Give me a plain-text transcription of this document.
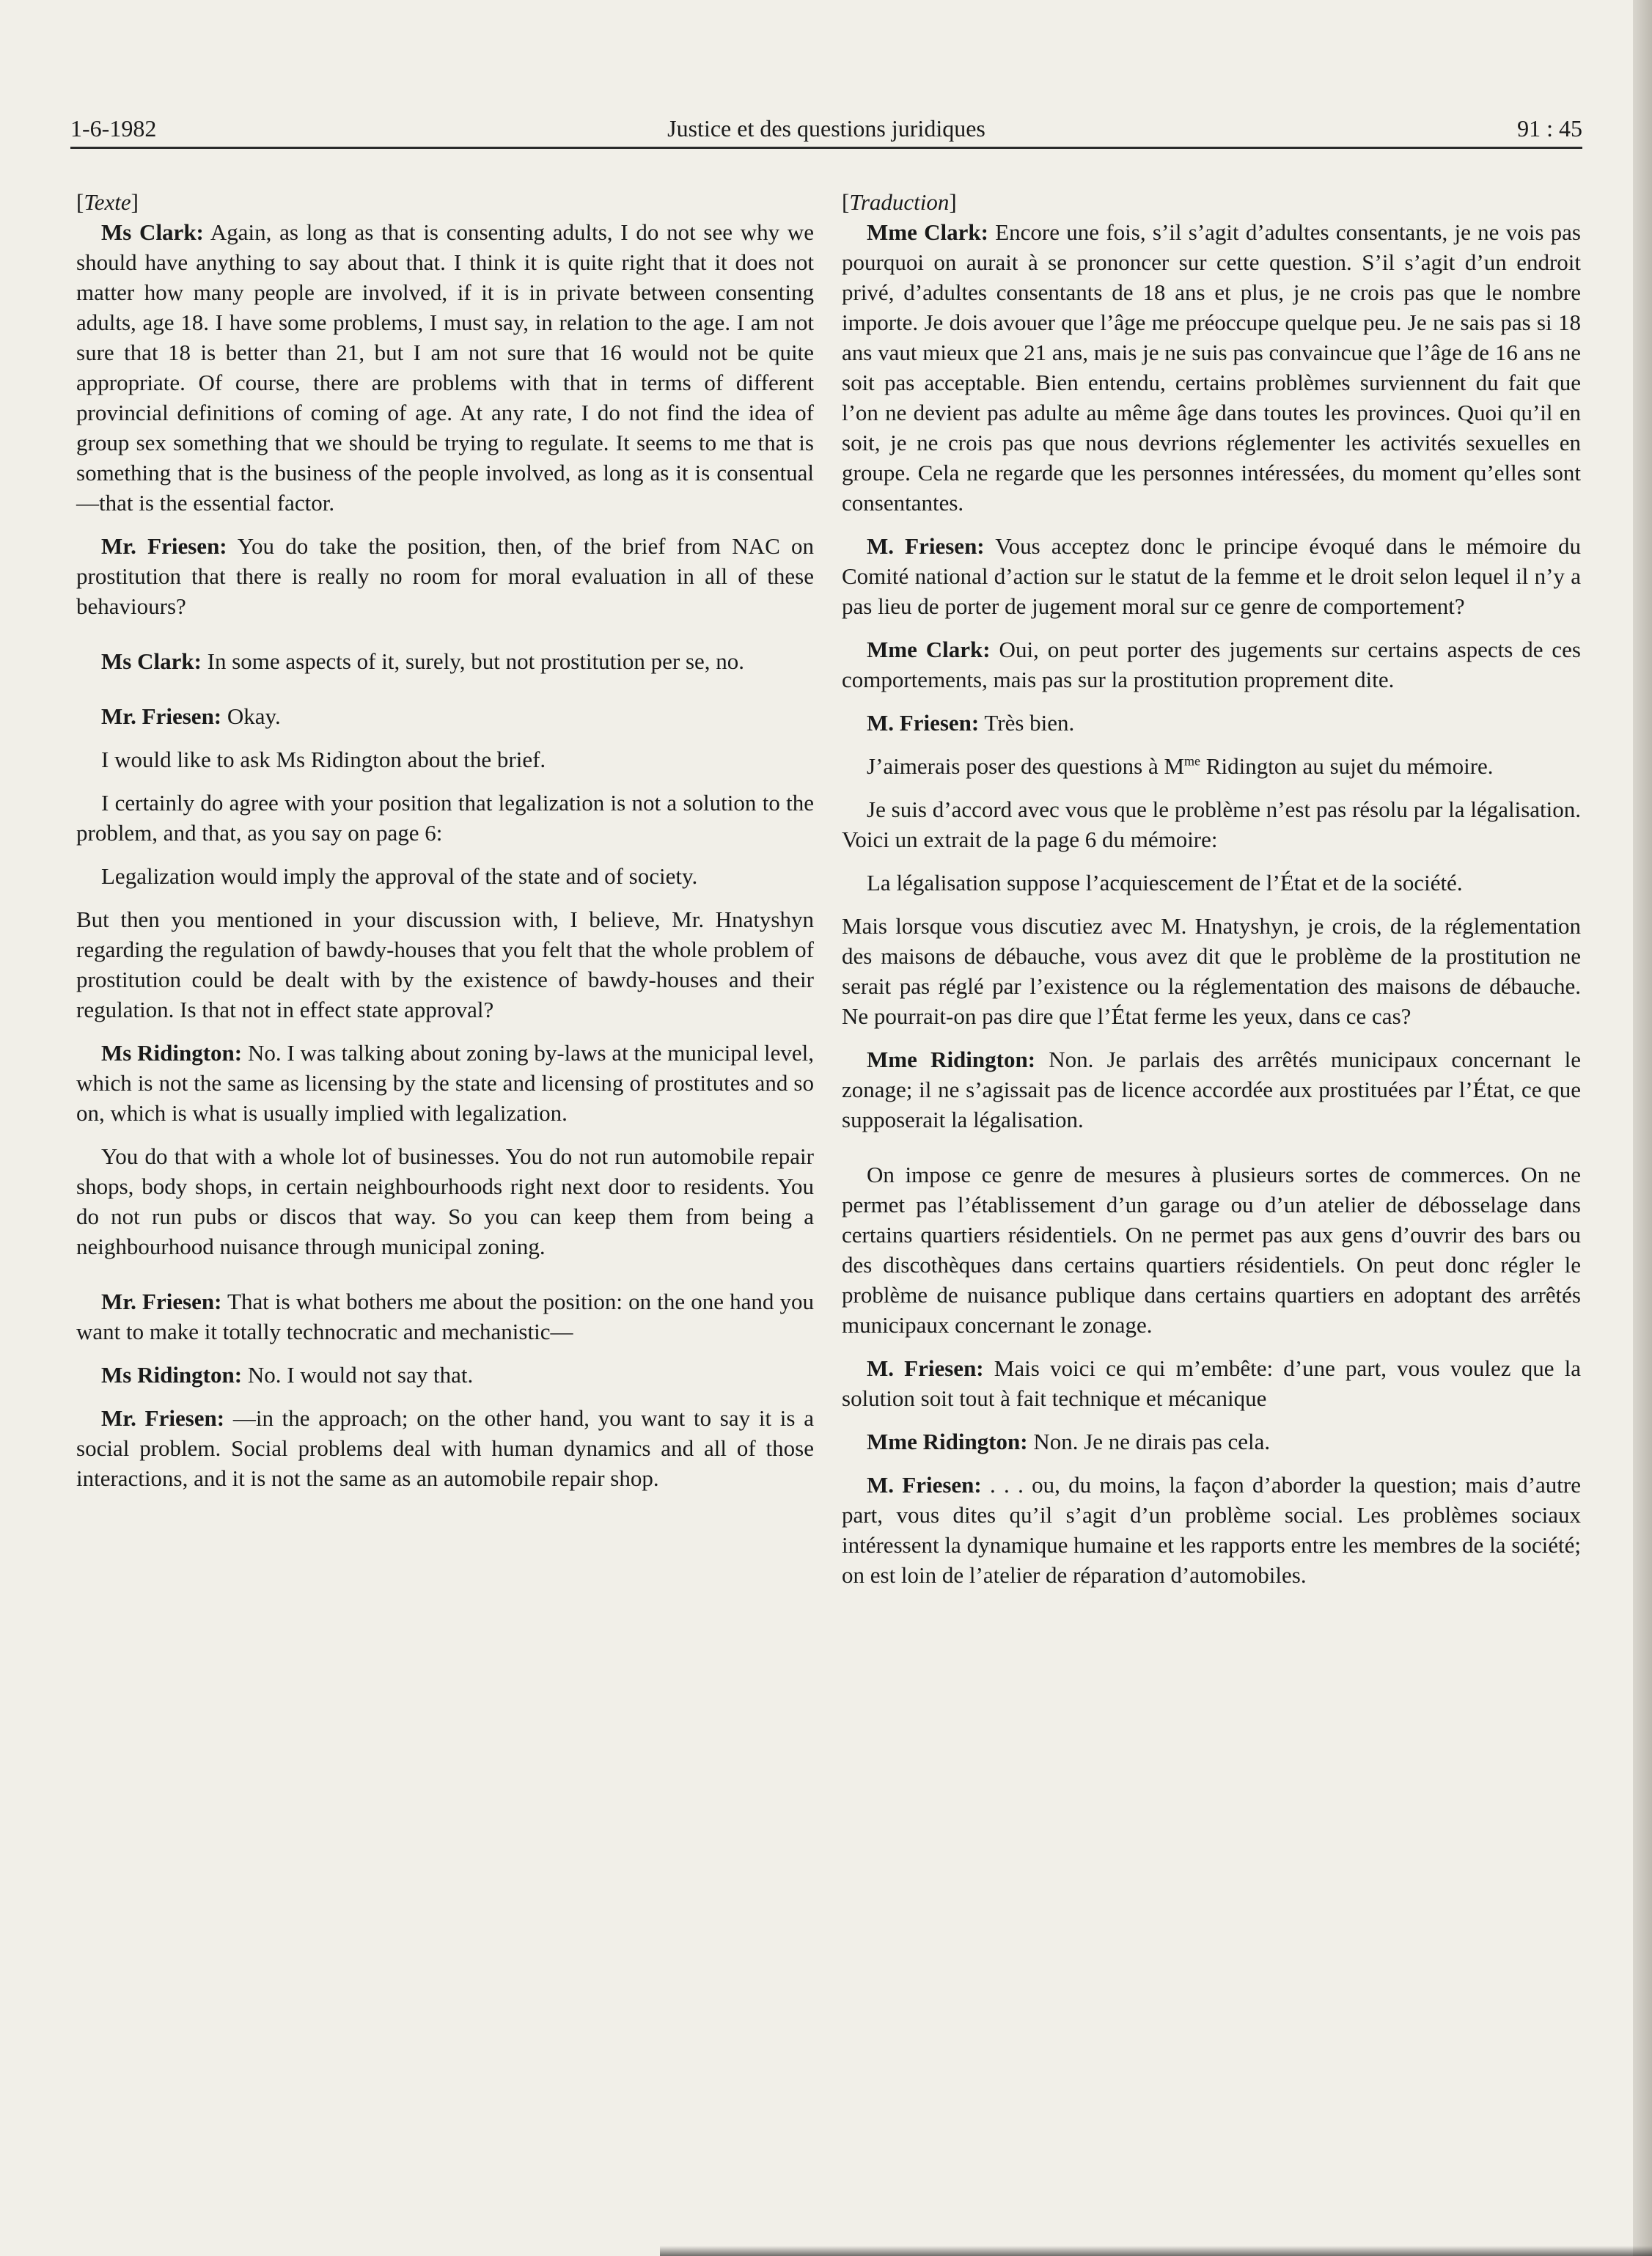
1-6-1982	Justice et des questions juridiques	91 : 45

[Texte]

Ms Clark: Again, as long as that is consenting adults, I do not see why we should have anything to say about that. I think it is quite right that it does not matter how many people are involved, if it is in private between consenting adults, age 18. I have some problems, I must say, in relation to the age. I am not sure that 18 is better than 21, but I am not sure that 16 would not be quite appropriate. Of course, there are problems with that in terms of different provincial definitions of coming of age. At any rate, I do not find the idea of group sex something that we should be trying to regulate. It seems to me that is something that is the business of the people involved, as long as it is consentual—that is the essential factor.

Mr. Friesen: You do take the position, then, of the brief from NAC on prostitution that there is really no room for moral evaluation in all of these behaviours?

Ms Clark: In some aspects of it, surely, but not prostitution per se, no.

Mr. Friesen: Okay.

I would like to ask Ms Ridington about the brief.

I certainly do agree with your position that legalization is not a solution to the problem, and that, as you say on page 6:

Legalization would imply the approval of the state and of society.

But then you mentioned in your discussion with, I believe, Mr. Hnatyshyn regarding the regulation of bawdy-houses that you felt that the whole problem of prostitution could be dealt with by the existence of bawdy-houses and their regulation. Is that not in effect state approval?

Ms Ridington: No. I was talking about zoning by-laws at the municipal level, which is not the same as licensing by the state and licensing of prostitutes and so on, which is what is usually implied with legalization.

You do that with a whole lot of businesses. You do not run automobile repair shops, body shops, in certain neighbourhoods right next door to residents. You do not run pubs or discos that way. So you can keep them from being a neighbourhood nuisance through municipal zoning.

Mr. Friesen: That is what bothers me about the position: on the one hand you want to make it totally technocratic and mechanistic—

Ms Ridington: No. I would not say that.

Mr. Friesen: —in the approach; on the other hand, you want to say it is a social problem. Social problems deal with human dynamics and all of those interactions, and it is not the same as an automobile repair shop.

[Traduction]

Mme Clark: Encore une fois, s’il s’agit d’adultes consentants, je ne vois pas pourquoi on aurait à se prononcer sur cette question. S’il s’agit d’un endroit privé, d’adultes consentants de 18 ans et plus, je ne crois pas que le nombre importe. Je dois avouer que l’âge me préoccupe quelque peu. Je ne sais pas si 18 ans vaut mieux que 21 ans, mais je ne suis pas convaincue que l’âge de 16 ans ne soit pas acceptable. Bien entendu, certains problèmes surviennent du fait que l’on ne devient pas adulte au même âge dans toutes les provinces. Quoi qu’il en soit, je ne crois pas que nous devrions réglementer les activités sexuelles en groupe. Cela ne regarde que les personnes intéressées, du moment qu’elles sont consentantes.

M. Friesen: Vous acceptez donc le principe évoqué dans le mémoire du Comité national d’action sur le statut de la femme et le droit selon lequel il n’y a pas lieu de porter de jugement moral sur ce genre de comportement?

Mme Clark: Oui, on peut porter des jugements sur certains aspects de ces comportements, mais pas sur la prostitution proprement dite.

M. Friesen: Très bien.

J’aimerais poser des questions à $M^{me}$ Ridington au sujet du mémoire.

Je suis d’accord avec vous que le problème n’est pas résolu par la légalisation. Voici un extrait de la page 6 du mémoire:

La légalisation suppose l’acquiescement de l’État et de la société.

Mais lorsque vous discutiez avec M. Hnatyshyn, je crois, de la réglementation des maisons de débauche, vous avez dit que le problème de la prostitution ne serait pas réglé par l’existence ou la réglementation des maisons de débauche. Ne pourrait-on pas dire que l’État ferme les yeux, dans ce cas?

Mme Ridington: Non. Je parlais des arrêtés municipaux concernant le zonage; il ne s’agissait pas de licence accordée aux prostituées par l’État, ce que supposerait la légalisation.

On impose ce genre de mesures à plusieurs sortes de commerces. On ne permet pas l’établissement d’un garage ou d’un atelier de débosselage dans certains quartiers résidentiels. On ne permet pas aux gens d’ouvrir des bars ou des discothèques dans certains quartiers résidentiels. On peut donc régler le problème de nuisance publique dans certains quartiers en adoptant des arrêtés municipaux concernant le zonage.

M. Friesen: Mais voici ce qui m’embête: d’une part, vous voulez que la solution soit tout à fait technique et mécanique

Mme Ridington: Non. Je ne dirais pas cela.

M. Friesen: . . . ou, du moins, la façon d’aborder la question; mais d’autre part, vous dites qu’il s’agit d’un problème social. Les problèmes sociaux intéressent la dynamique humaine et les rapports entre les membres de la société; on est loin de l’atelier de réparation d’automobiles.
